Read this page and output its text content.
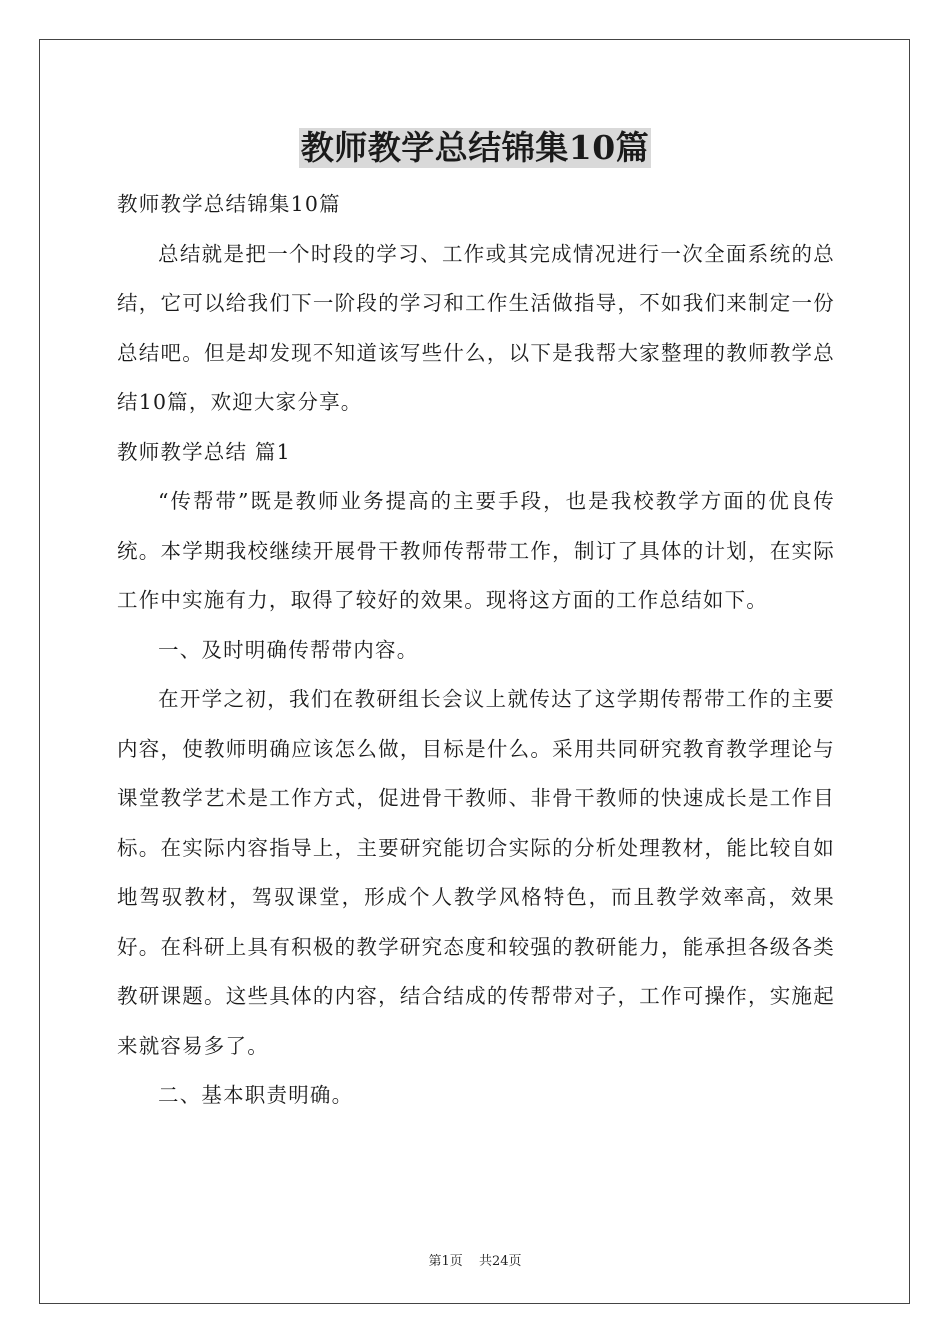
教师教学总结锦集10篇

教师教学总结锦集10篇

总结就是把一个时段的学习、工作或其完成情况进行一次全面系统的总结，它可以给我们下一阶段的学习和工作生活做指导，不如我们来制定一份总结吧。但是却发现不知道该写些什么，以下是我帮大家整理的教师教学总结10篇，欢迎大家分享。

教师教学总结 篇1

“传帮带”既是教师业务提高的主要手段，也是我校教学方面的优良传统。本学期我校继续开展骨干教师传帮带工作，制订了具体的计划，在实际工作中实施有力，取得了较好的效果。现将这方面的工作总结如下。

一、及时明确传帮带内容。

在开学之初，我们在教研组长会议上就传达了这学期传帮带工作的主要内容，使教师明确应该怎么做，目标是什么。采用共同研究教育教学理论与课堂教学艺术是工作方式，促进骨干教师、非骨干教师的快速成长是工作目标。在实际内容指导上，主要研究能切合实际的分析处理教材，能比较自如地驾驭教材，驾驭课堂，形成个人教学风格特色，而且教学效率高，效果好。在科研上具有积极的教学研究态度和较强的教研能力，能承担各级各类教研课题。这些具体的内容，结合结成的传帮带对子，工作可操作，实施起来就容易多了。

二、基本职责明确。

第1页 共24页
